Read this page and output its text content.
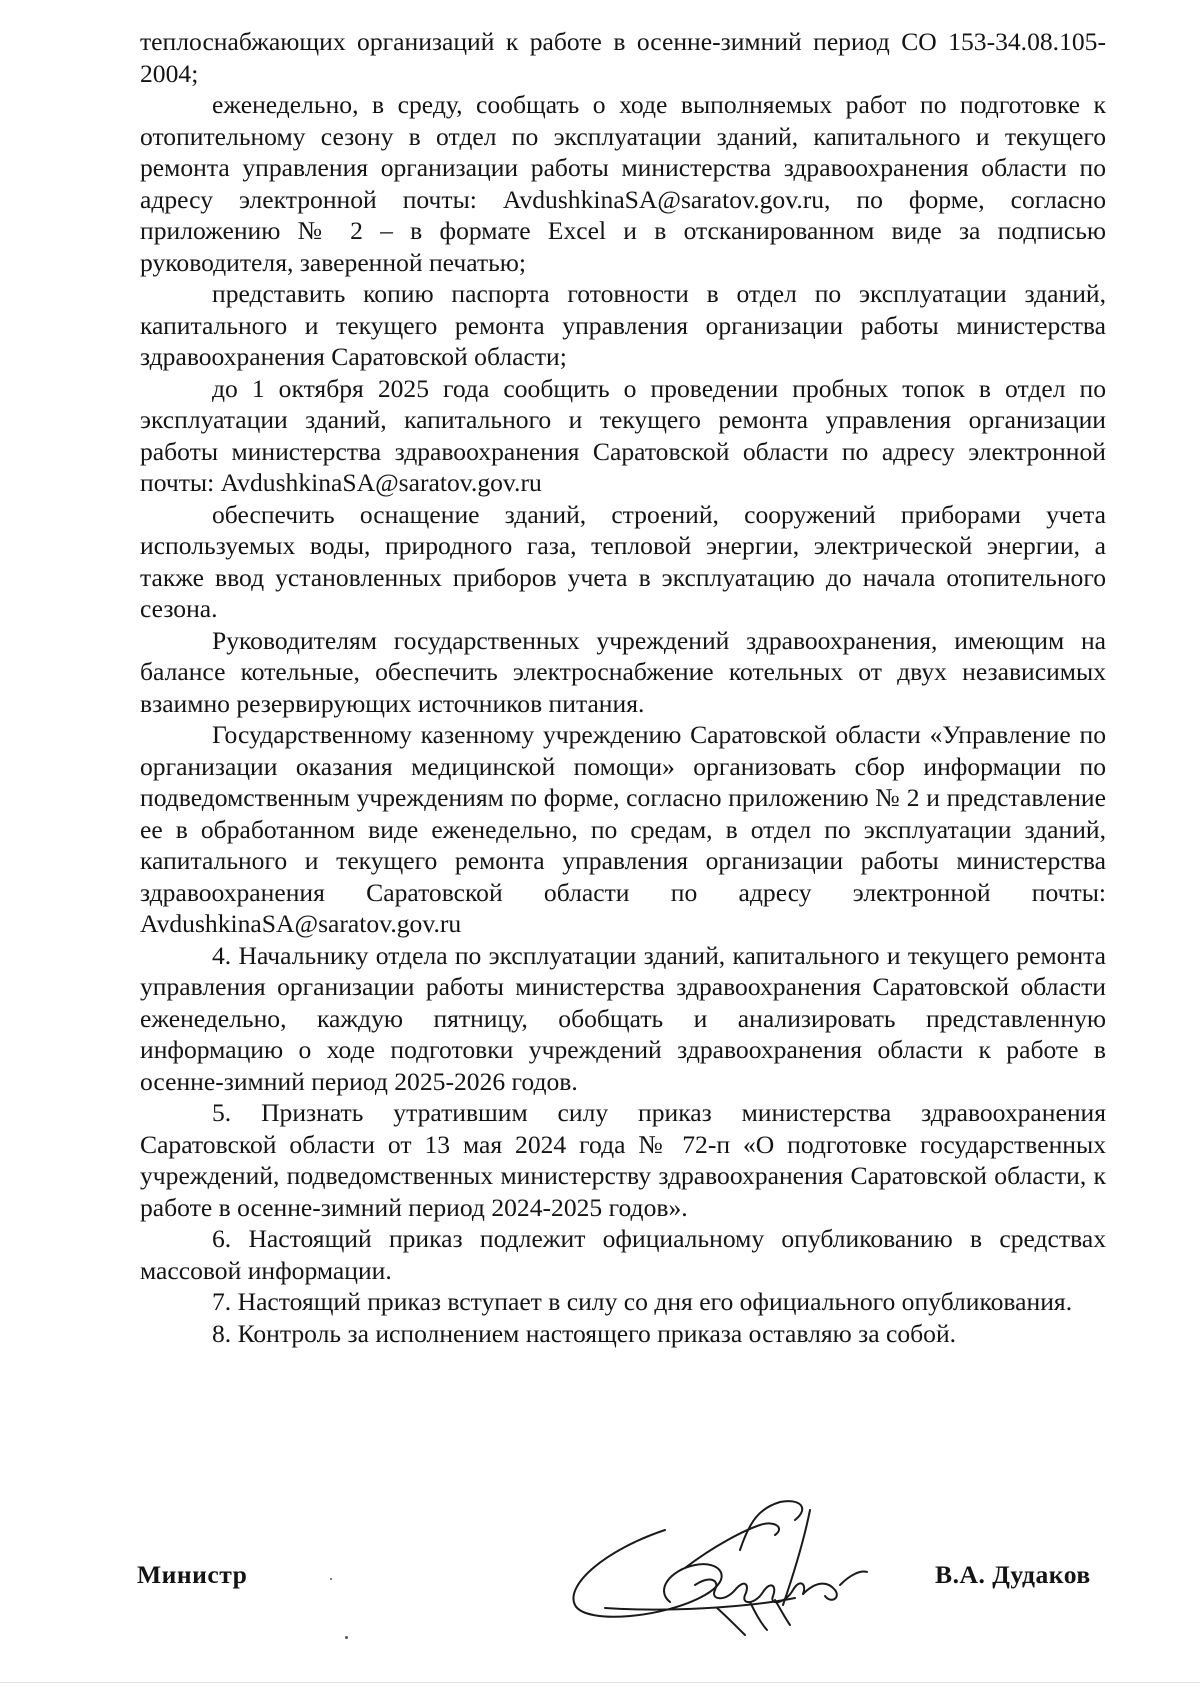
теплоснабжающих организаций к работе в осенне-зимний период СО 153-34.08.105-2004;

еженедельно, в среду, сообщать о ходе выполняемых работ по подготовке к отопительному сезону в отдел по эксплуатации зданий, капитального и текущего ремонта управления организации работы министерства здравоохранения области по адресу электронной почты: AvdushkinaSA@saratov.gov.ru, по форме, согласно приложению № 2 – в формате Excel и в отсканированном виде за подписью руководителя, заверенной печатью;

представить копию паспорта готовности в отдел по эксплуатации зданий, капитального и текущего ремонта управления организации работы министерства здравоохранения Саратовской области;

до 1 октября 2025 года сообщить о проведении пробных топок в отдел по эксплуатации зданий, капитального и текущего ремонта управления организации работы министерства здравоохранения Саратовской области по адресу электронной почты: AvdushkinaSA@saratov.gov.ru

обеспечить оснащение зданий, строений, сооружений приборами учета используемых воды, природного газа, тепловой энергии, электрической энергии, а также ввод установленных приборов учета в эксплуатацию до начала отопительного сезона.

Руководителям государственных учреждений здравоохранения, имеющим на балансе котельные, обеспечить электроснабжение котельных от двух независимых взаимно резервирующих источников питания.

Государственному казенному учреждению Саратовской области «Управление по организации оказания медицинской помощи» организовать сбор информации по подведомственным учреждениям по форме, согласно приложению № 2 и представление ее в обработанном виде еженедельно, по средам, в отдел по эксплуатации зданий, капитального и текущего ремонта управления организации работы министерства здравоохранения Саратовской области по адресу электронной почты: AvdushkinaSA@saratov.gov.ru

4. Начальнику отдела по эксплуатации зданий, капитального и текущего ремонта управления организации работы министерства здравоохранения Саратовской области еженедельно, каждую пятницу, обобщать и анализировать представленную информацию о ходе подготовки учреждений здравоохранения области к работе в осенне-зимний период 2025-2026 годов.

5. Признать утратившим силу приказ министерства здравоохранения Саратовской области от 13 мая 2024 года № 72-п «О подготовке государственных учреждений, подведомственных министерству здравоохранения Саратовской области, к работе в осенне-зимний период 2024-2025 годов».

6. Настоящий приказ подлежит официальному опубликованию в средствах массовой информации.

7. Настоящий приказ вступает в силу со дня его официального опубликования.

8. Контроль за исполнением настоящего приказа оставляю за собой.

Министр	В.А. Дудаков
